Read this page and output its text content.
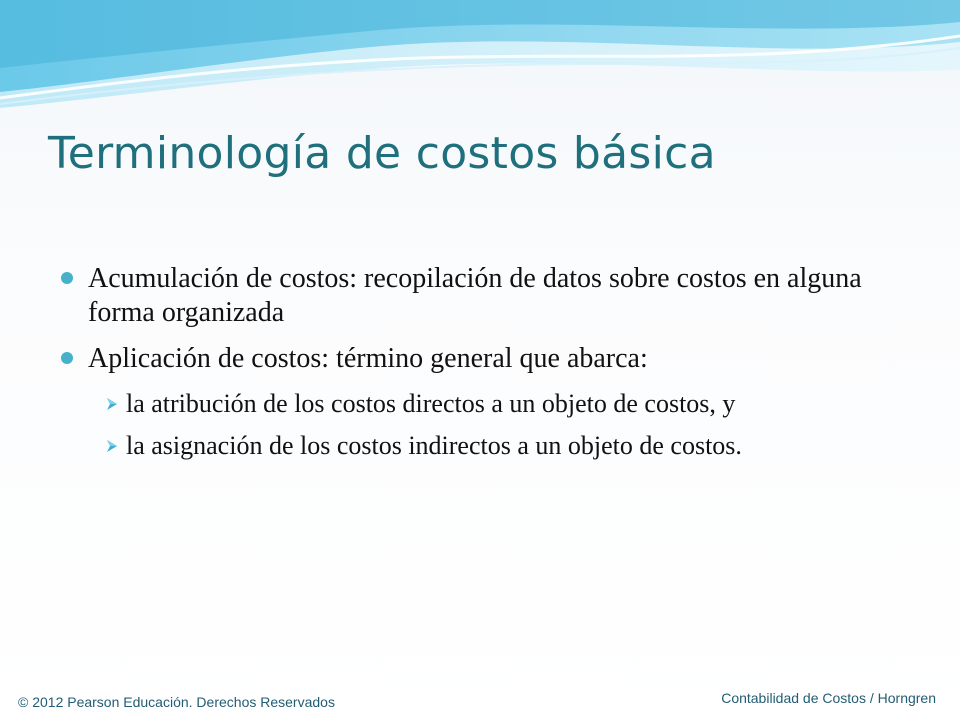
Terminología de costos básica
Acumulación de costos: recopilación de datos sobre costos en alguna forma organizada
Aplicación de costos: término general que abarca:
la atribución de los costos directos a un objeto de costos, y
la asignación de los costos indirectos a un objeto de costos.
© 2012 Pearson Educación. Derechos Reservados	Contabilidad de Costos / Horngren
